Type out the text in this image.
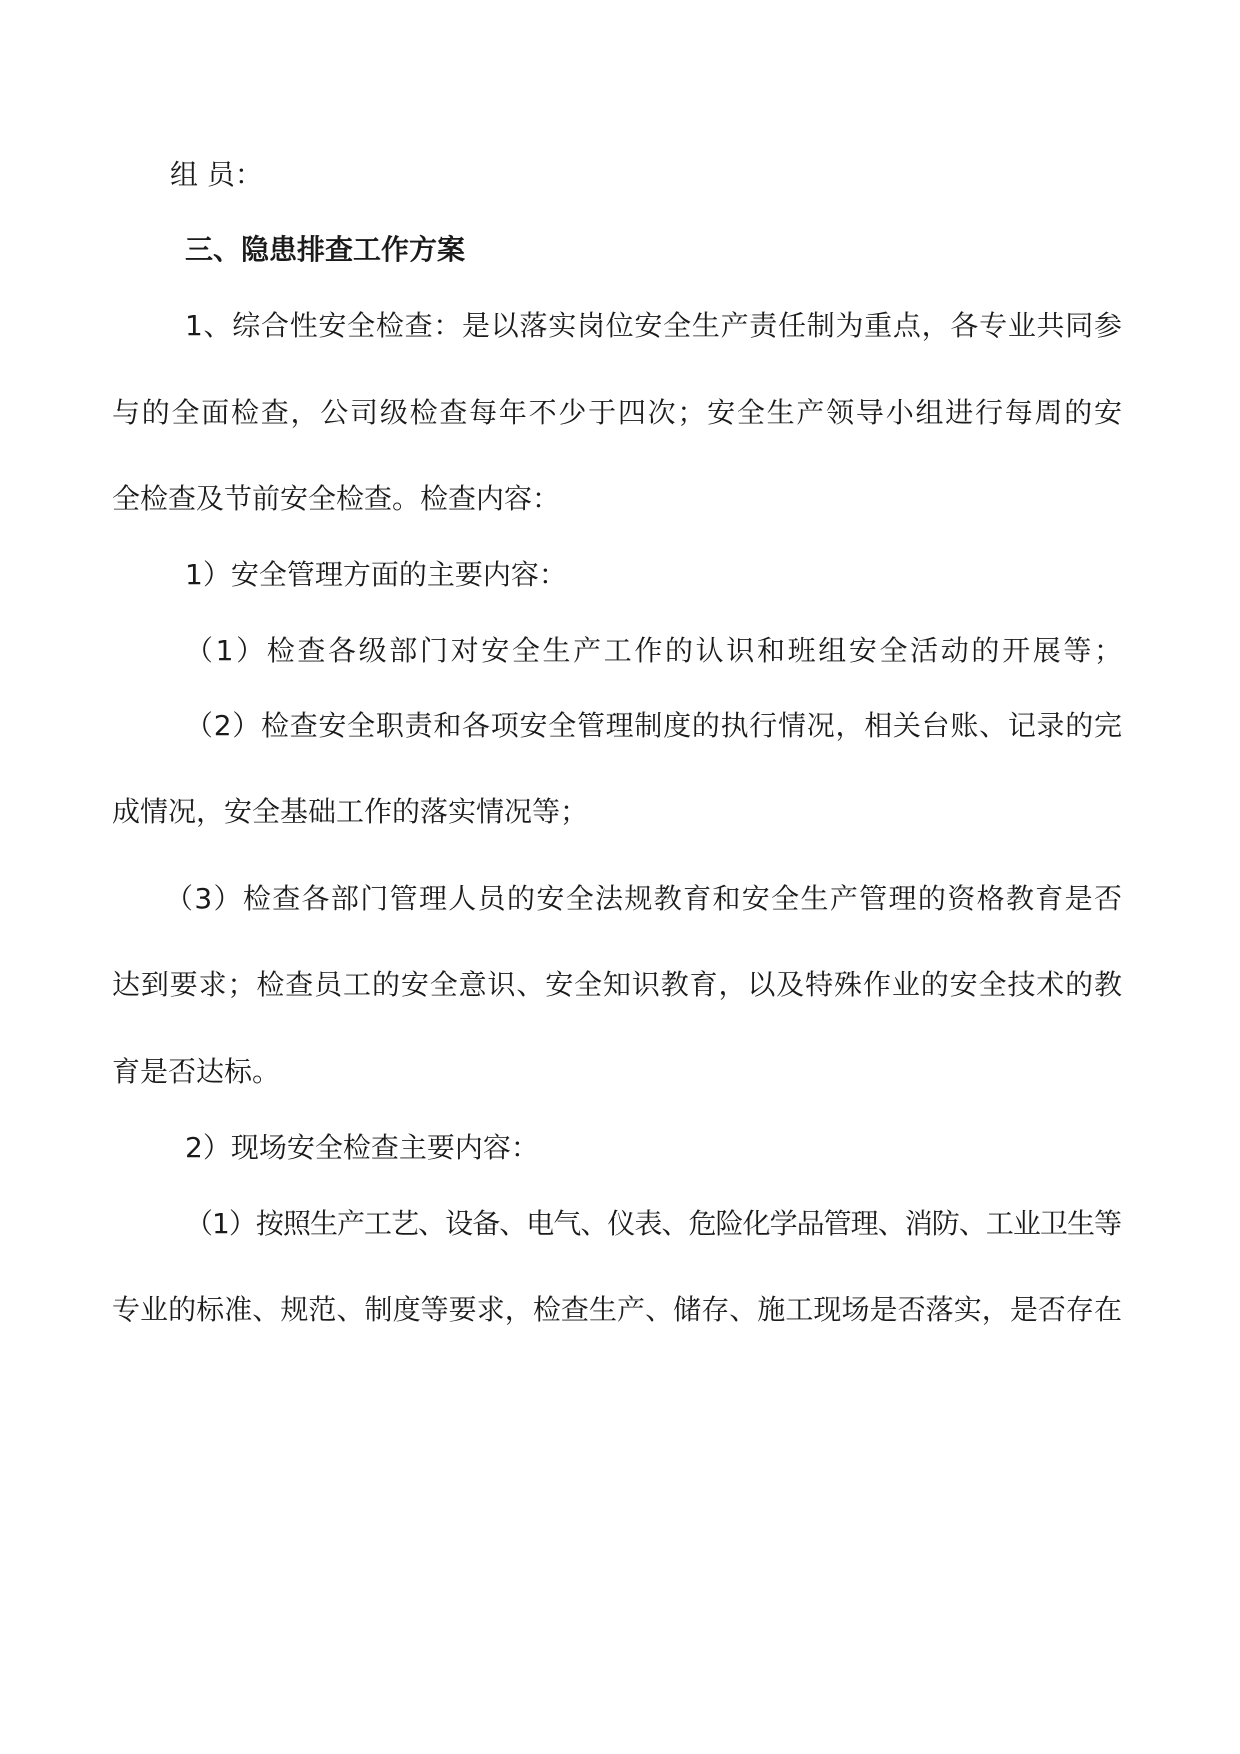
组 员：
三、隐患排查工作方案
1、综合性安全检查：是以落实岗位安全生产责任制为重点，各专业共同参
与的全面检查，公司级检查每年不少于四次；安全生产领导小组进行每周的安
全检查及节前安全检查。检查内容：
1）安全管理方面的主要内容：
（1）检查各级部门对安全生产工作的认识和班组安全活动的开展等；
（2）检查安全职责和各项安全管理制度的执行情况，相关台账、记录的完
成情况，安全基础工作的落实情况等；
（3）检查各部门管理人员的安全法规教育和安全生产管理的资格教育是否
达到要求；检查员工的安全意识、安全知识教育，以及特殊作业的安全技术的教
育是否达标。
2）现场安全检查主要内容：
（1）按照生产工艺、设备、电气、仪表、危险化学品管理、消防、工业卫生等
专业的标准、规范、制度等要求，检查生产、储存、施工现场是否落实，是否存在
